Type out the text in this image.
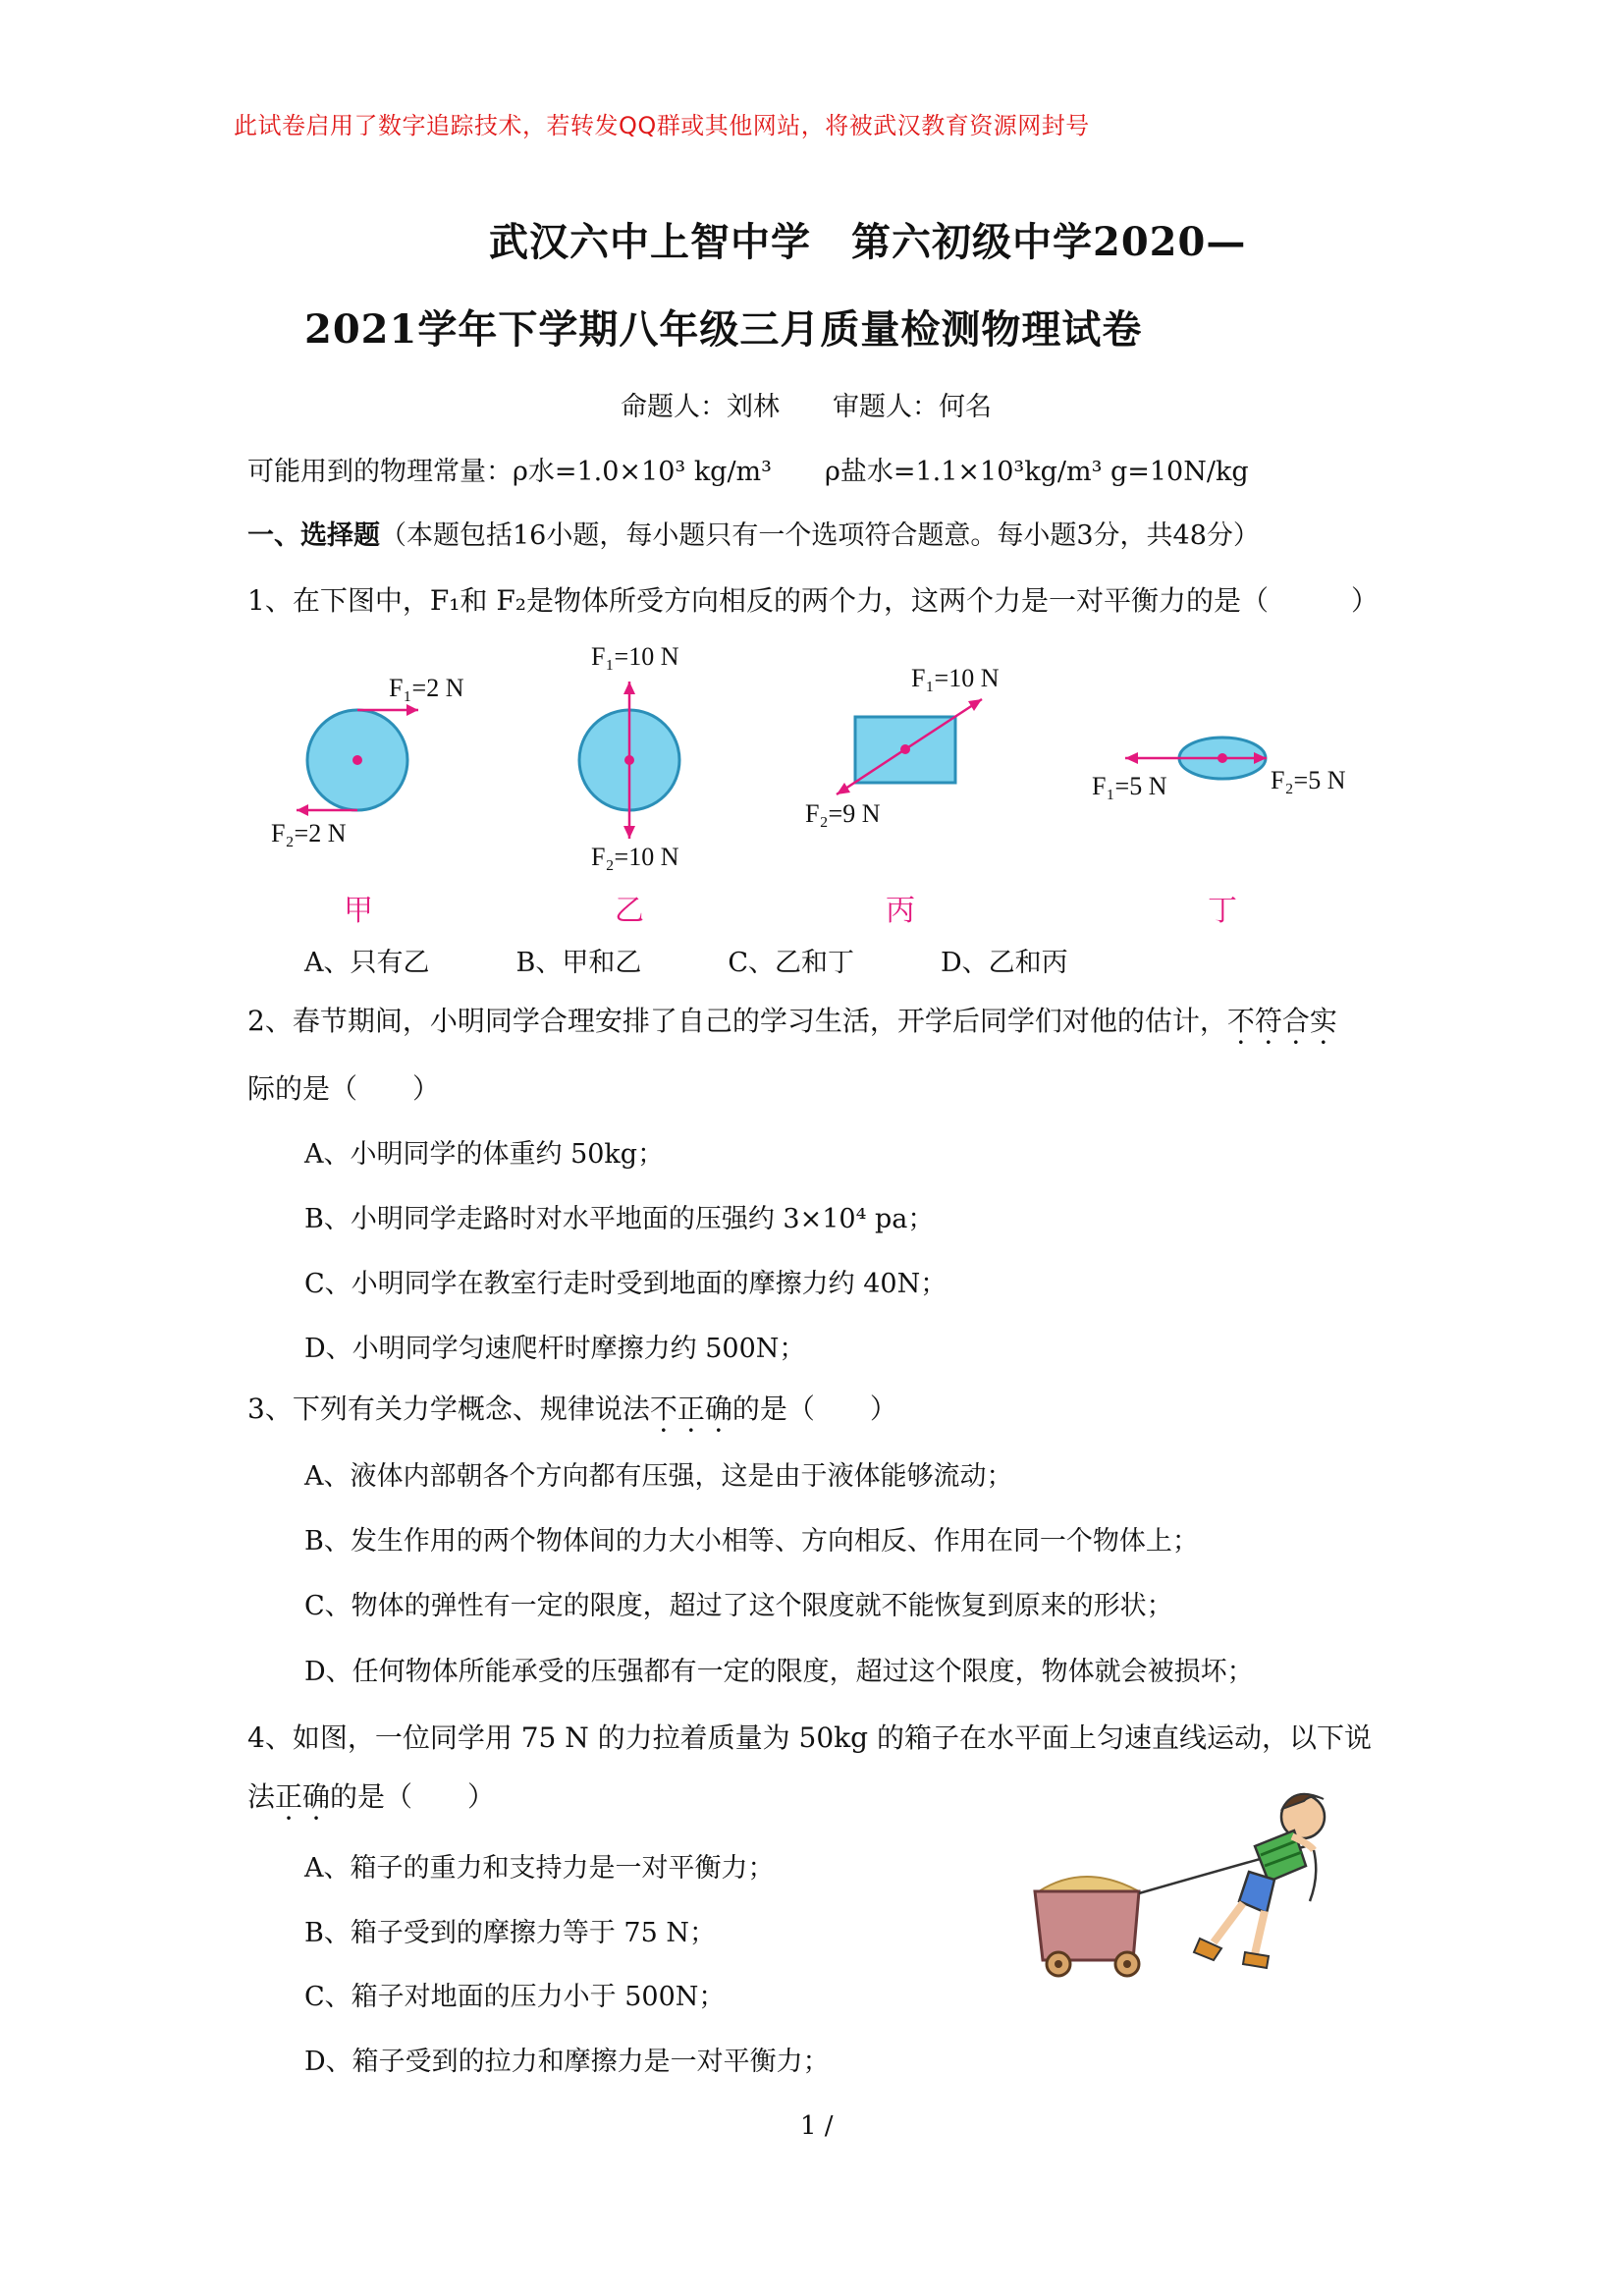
此试卷启用了数字追踪技术，若转发QQ群或其他网站，将被武汉教育资源网封号
武汉六中上智中学　第六初级中学2020—
2021学年下学期八年级三月质量检测物理试卷
命题人：刘林　　审题人：何名
可能用到的物理常量：ρ水=1.0×10³ kg/m³　　ρ盐水=1.1×10³kg/m³ g=10N/kg
一、选择题（本题包括16小题，每小题只有一个选项符合题意。每小题3分，共48分）
1、在下图中，F₁和 F₂是物体所受方向相反的两个力，这两个力是一对平衡力的是（　　　）
F₁=2 N
F₂=2 N
甲
F₁=10 N
F₂=10 N
乙
F₁=10 N
F₂=9 N
丙
F₁=5 N	F₂=5 N
丁
A、只有乙	B、甲和乙	C、乙和丁	D、乙和丙
2、春节期间，小明同学合理安排了自己的学习生活，开学后同学们对他的估计，不符合实
际的是（　　）
A、小明同学的体重约 50kg；
B、小明同学走路时对水平地面的压强约 3×10⁴ pa；
C、小明同学在教室行走时受到地面的摩擦力约 40N；
D、小明同学匀速爬杆时摩擦力约 500N；
3、下列有关力学概念、规律说法不正确的是（　　）
A、液体内部朝各个方向都有压强，这是由于液体能够流动；
B、发生作用的两个物体间的力大小相等、方向相反、作用在同一个物体上；
C、物体的弹性有一定的限度，超过了这个限度就不能恢复到原来的形状；
D、任何物体所能承受的压强都有一定的限度，超过这个限度，物体就会被损坏；
4、如图，一位同学用 75 N 的力拉着质量为 50kg 的箱子在水平面上匀速直线运动，以下说
法正确的是（　　）
A、箱子的重力和支持力是一对平衡力；
B、箱子受到的摩擦力等于 75 N；
C、箱子对地面的压力小于 500N；
D、箱子受到的拉力和摩擦力是一对平衡力；
1 /
